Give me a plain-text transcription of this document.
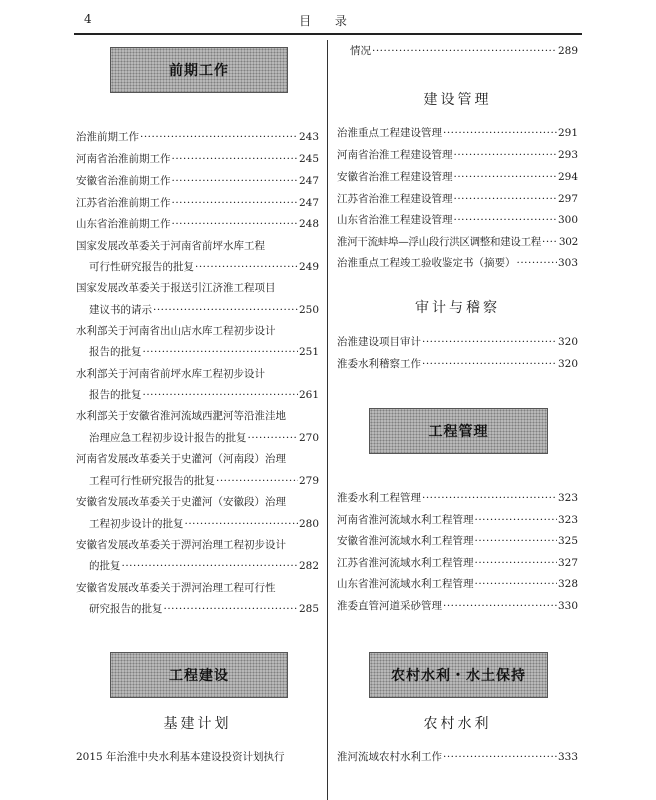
4	目 录
前期工作
治淮前期工作 ·····	243
河南省治淮前期工作 ·····	245
安徽省治淮前期工作 ·····	247
江苏省治淮前期工作 ·····	247
山东省治淮前期工作 ·····	248
国家发展改革委关于河南省前坪水库工程
可行性研究报告的批复 ·····	249
国家发展改革委关于报送引江济淮工程项目
建议书的请示 ·····	250
水利部关于河南省出山店水库工程初步设计
报告的批复 ·····	251
水利部关于河南省前坪水库工程初步设计
报告的批复 ·····	261
水利部关于安徽省淮河流域西淝河等沿淮洼地
治理应急工程初步设计报告的批复 ·····	270
河南省发展改革委关于史灌河（河南段）治理
工程可行性研究报告的批复 ·····	279
安徽省发展改革委关于史灌河（安徽段）治理
工程初步设计的批复 ·····	280
安徽省发展改革委关于淠河治理工程初步设计
的批复 ·····	282
安徽省发展改革委关于淠河治理工程可行性
研究报告的批复 ·····	285
工程建设
基建计划
2015 年治淮中央水利基本建设投资计划执行
情况 ·····	289
建设管理
治淮重点工程建设管理 ·····	291
河南省治淮工程建设管理 ·····	293
安徽省治淮工程建设管理 ·····	294
江苏省治淮工程建设管理 ·····	297
山东省治淮工程建设管理 ·····	300
淮河干流蚌埠—浮山段行洪区调整和建设工程 ····· 302
治淮重点工程竣工验收鉴定书（摘要） ·····	303
审计与稽察
治淮建设项目审计 ·····	320
淮委水利稽察工作 ·····	320
工程管理
淮委水利工程管理 ·····	323
河南省淮河流域水利工程管理 ·····	323
安徽省淮河流域水利工程管理 ·····	325
江苏省淮河流域水利工程管理 ·····	327
山东省淮河流域水利工程管理 ·····	328
淮委直管河道采砂管理 ·····	330
农村水利・水土保持
农村水利
淮河流域农村水利工作 ·····	333
